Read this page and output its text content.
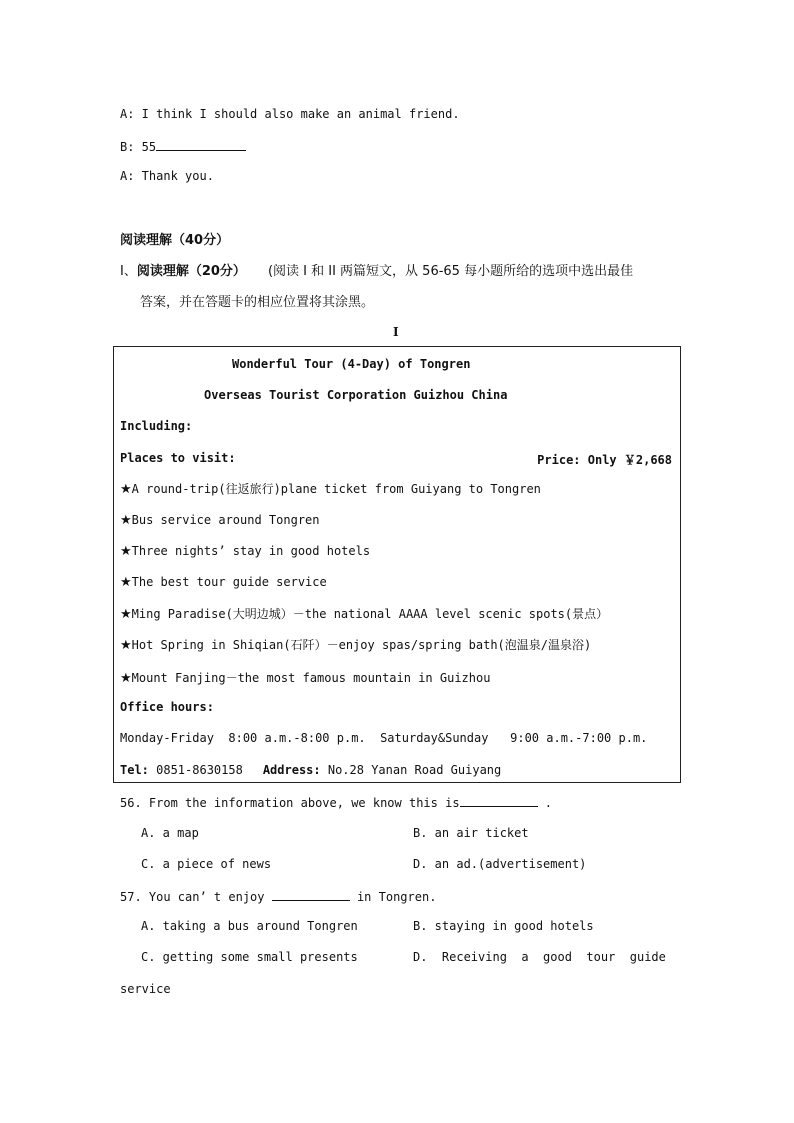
A: I think I should also make an animal friend.
B: 55
A: Thank you.
阅读理解（40分）
I、阅读理解（20分） (阅读 I 和 II 两篇短文，从 56-65 每小题所给的选项中选出最佳
答案，并在答题卡的相应位置将其涂黑。
I
Wonderful Tour (4-Day) of Tongren
Overseas Tourist Corporation Guizhou China
Including:
Places to visit:	Price: Only ￥2,668
★A round-trip(往返旅行)plane ticket from Guiyang to Tongren
★Bus service around Tongren
★Three nights’ stay in good hotels
★The best tour guide service
★Ming Paradise(大明边城）－the national AAAA level scenic spots(景点）
★Hot Spring in Shiqian(石阡）－enjoy spas/spring bath(泡温泉/温泉浴)
★Mount Fanjing－the most famous mountain in Guizhou
Office hours:
Monday-Friday  8:00 a.m.-8:00 p.m.  Saturday&Sunday   9:00 a.m.-7:00 p.m.
Tel: 0851-8630158 Address: No.28 Yanan Road Guiyang
56. From the information above, we know this is	.
A. a map	B. an air ticket
C. a piece of news	D. an ad.(advertisement)
57. You can’ t enjoy	in Tongren.
A. taking a bus around Tongren	B. staying in good hotels
C. getting some small presents	D.  Receiving  a  good  tour  guide
service
